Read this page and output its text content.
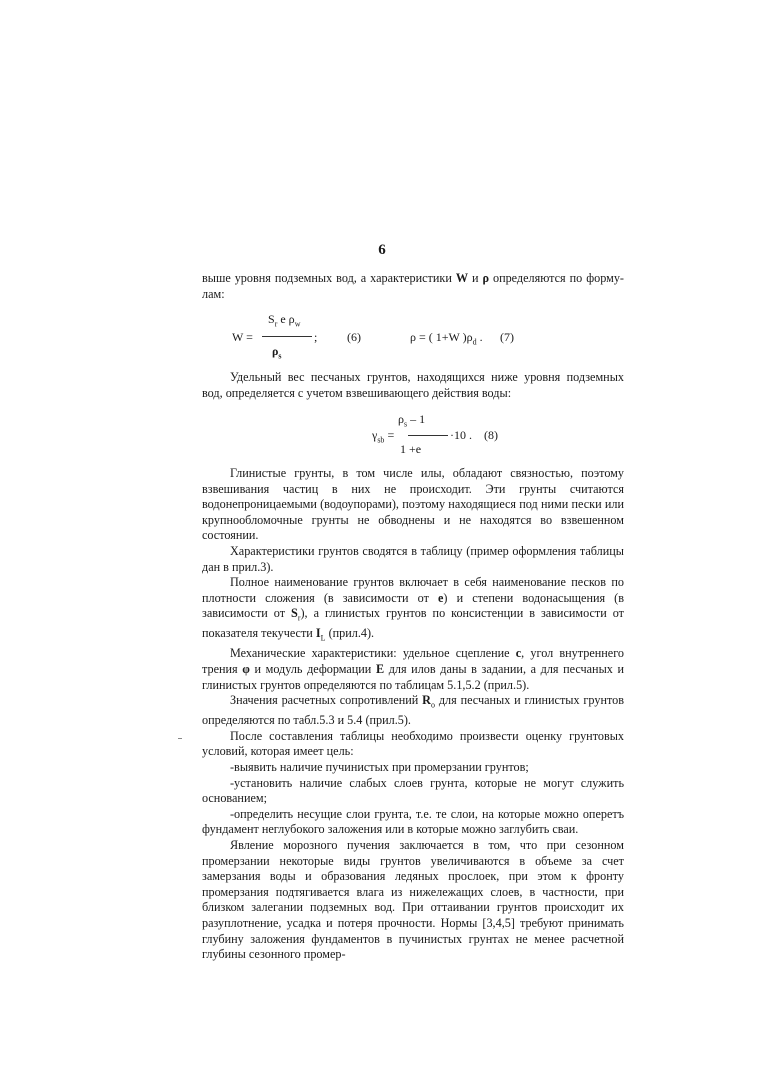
6

выше уровня подземных вод, а характеристики W и ρ определяются по форму-лам:

$S_r$ e $\rho_w$
W =	;
$\rho_s$
(6)	ρ = ( 1+W )$\rho_d$ . (7)

Удельный вес песчаных грунтов, находящихся ниже уровня подземных вод, определяется с учетом взвешивающего действия воды:

$\rho_s - 1$
$\gamma_{sb}$ =	·10 .
1 +e
(8)

Глинистые грунты, в том числе илы, обладают связностью, поэтому взвешивания частиц в них не происходит. Эти грунты считаются водонепроницаемыми (водоупорами), поэтому находящиеся под ними пески или крупнообломочные грунты не обводнены и не находятся во взвешенном состоянии.

Характеристики грунтов сводятся в таблицу (пример оформления таблицы дан в прил.3).

Полное наименование грунтов включает в себя наименование песков по плотности сложения (в зависимости от е) и степени водонасыщения (в зависимости от $S_r$), а глинистых грунтов по консистенции в зависимости от показателя текучести $I_L$ (прил.4).

Механические характеристики: удельное сцепление с, угол внутреннего трения φ и модуль деформации Е для илов даны в задании, а для песчаных и глинистых грунтов определяются по таблицам 5.1,5.2 (прил.5).

Значения расчетных сопротивлений $R_o$ для песчаных и глинистых грунтов определяются по табл.5.3 и 5.4 (прил.5).

После составления таблицы необходимо произвести оценку грунтовых условий, которая имеет цель:

-выявить наличие пучинистых при промерзании грунтов;

-установить наличие слабых слоев грунта, которые не могут служить основанием;

-определить несущие слои грунта, т.е. те слои, на которые можно оперетъ фундамент неглубокого заложения или в которые можно заглубить сваи.

Явление морозного пучения заключается в том, что при сезонном промерзании некоторые виды грунтов увеличиваются в объеме за счет замерзания воды и образования ледяных прослоек, при этом к фронту промерзания подтягивается влага из нижележащих слоев, в частности, при близком залегании подземных вод. При оттаивании грунтов происходит их разуплотнение, усадка и потеря прочности. Нормы [3,4,5] требуют принимать глубину заложения фундаментов в пучинистых грунтах не менее расчетной глубины сезонного промер-
